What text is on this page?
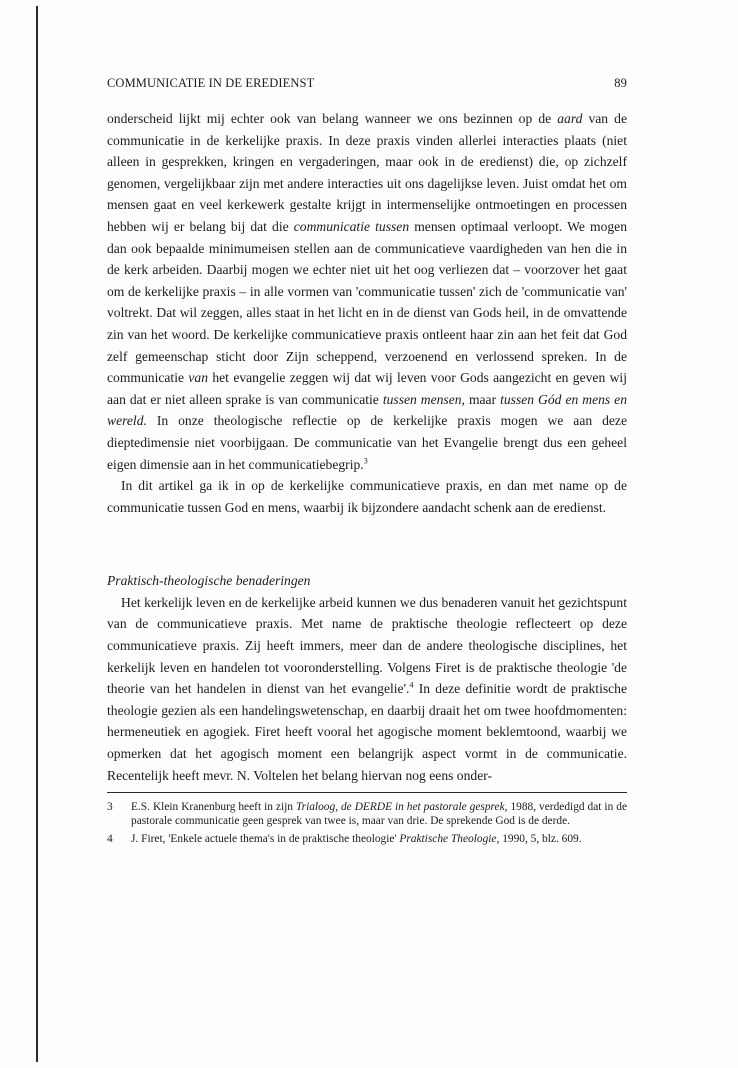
COMMUNICATIE IN DE EREDIENST	89

onderscheid lijkt mij echter ook van belang wanneer we ons bezinnen op de aard van de communicatie in de kerkelijke praxis. In deze praxis vinden allerlei interacties plaats (niet alleen in gesprekken, kringen en vergaderingen, maar ook in de eredienst) die, op zichzelf genomen, vergelijkbaar zijn met andere interacties uit ons dagelijkse leven. Juist omdat het om mensen gaat en veel kerkewerk gestalte krijgt in intermenselijke ontmoetingen en processen hebben wij er belang bij dat die communicatie tussen mensen optimaal verloopt. We mogen dan ook bepaalde minimumeisen stellen aan de communicatieve vaardigheden van hen die in de kerk arbeiden. Daarbij mogen we echter niet uit het oog verliezen dat – voorzover het gaat om de kerkelijke praxis – in alle vormen van 'communicatie tussen' zich de 'communicatie van' voltrekt. Dat wil zeggen, alles staat in het licht en in de dienst van Gods heil, in de omvattende zin van het woord. De kerkelijke communicatieve praxis ontleent haar zin aan het feit dat God zelf gemeenschap sticht door Zijn scheppend, verzoenend en verlossend spreken. In de communicatie van het evangelie zeggen wij dat wij leven voor Gods aangezicht en geven wij aan dat er niet alleen sprake is van communicatie tussen mensen, maar tussen Gód en mens en wereld. In onze theologische reflectie op de kerkelijke praxis mogen we aan deze dieptedimensie niet voorbijgaan. De communicatie van het Evangelie brengt dus een geheel eigen dimensie aan in het communicatiebegrip.$^3$

In dit artikel ga ik in op de kerkelijke communicatieve praxis, en dan met name op de communicatie tussen God en mens, waarbij ik bijzondere aandacht schenk aan de eredienst.

Praktisch-theologische benaderingen

Het kerkelijk leven en de kerkelijke arbeid kunnen we dus benaderen vanuit het gezichtspunt van de communicatieve praxis. Met name de praktische theologie reflecteert op deze communicatieve praxis. Zij heeft immers, meer dan de andere theologische disciplines, het kerkelijk leven en handelen tot vooronderstelling. Volgens Firet is de praktische theologie 'de theorie van het handelen in dienst van het evangelie'.$^4$ In deze definitie wordt de praktische theologie gezien als een handelingswetenschap, en daarbij draait het om twee hoofdmomenten: hermeneutiek en agogiek. Firet heeft vooral het agogische moment beklemtoond, waarbij we opmerken dat het agogisch moment een belangrijk aspect vormt in de communicatie. Recentelijk heeft mevr. N. Voltelen het belang hiervan nog eens onder-

3	E.S. Klein Kranenburg heeft in zijn Trialoog, de DERDE in het pastorale gesprek, 1988, verdedigd dat in de pastorale communicatie geen gesprek van twee is, maar van drie. De sprekende God is de derde.
4	J. Firet, 'Enkele actuele thema's in de praktische theologie' Praktische Theologie, 1990, 5, blz. 609.
